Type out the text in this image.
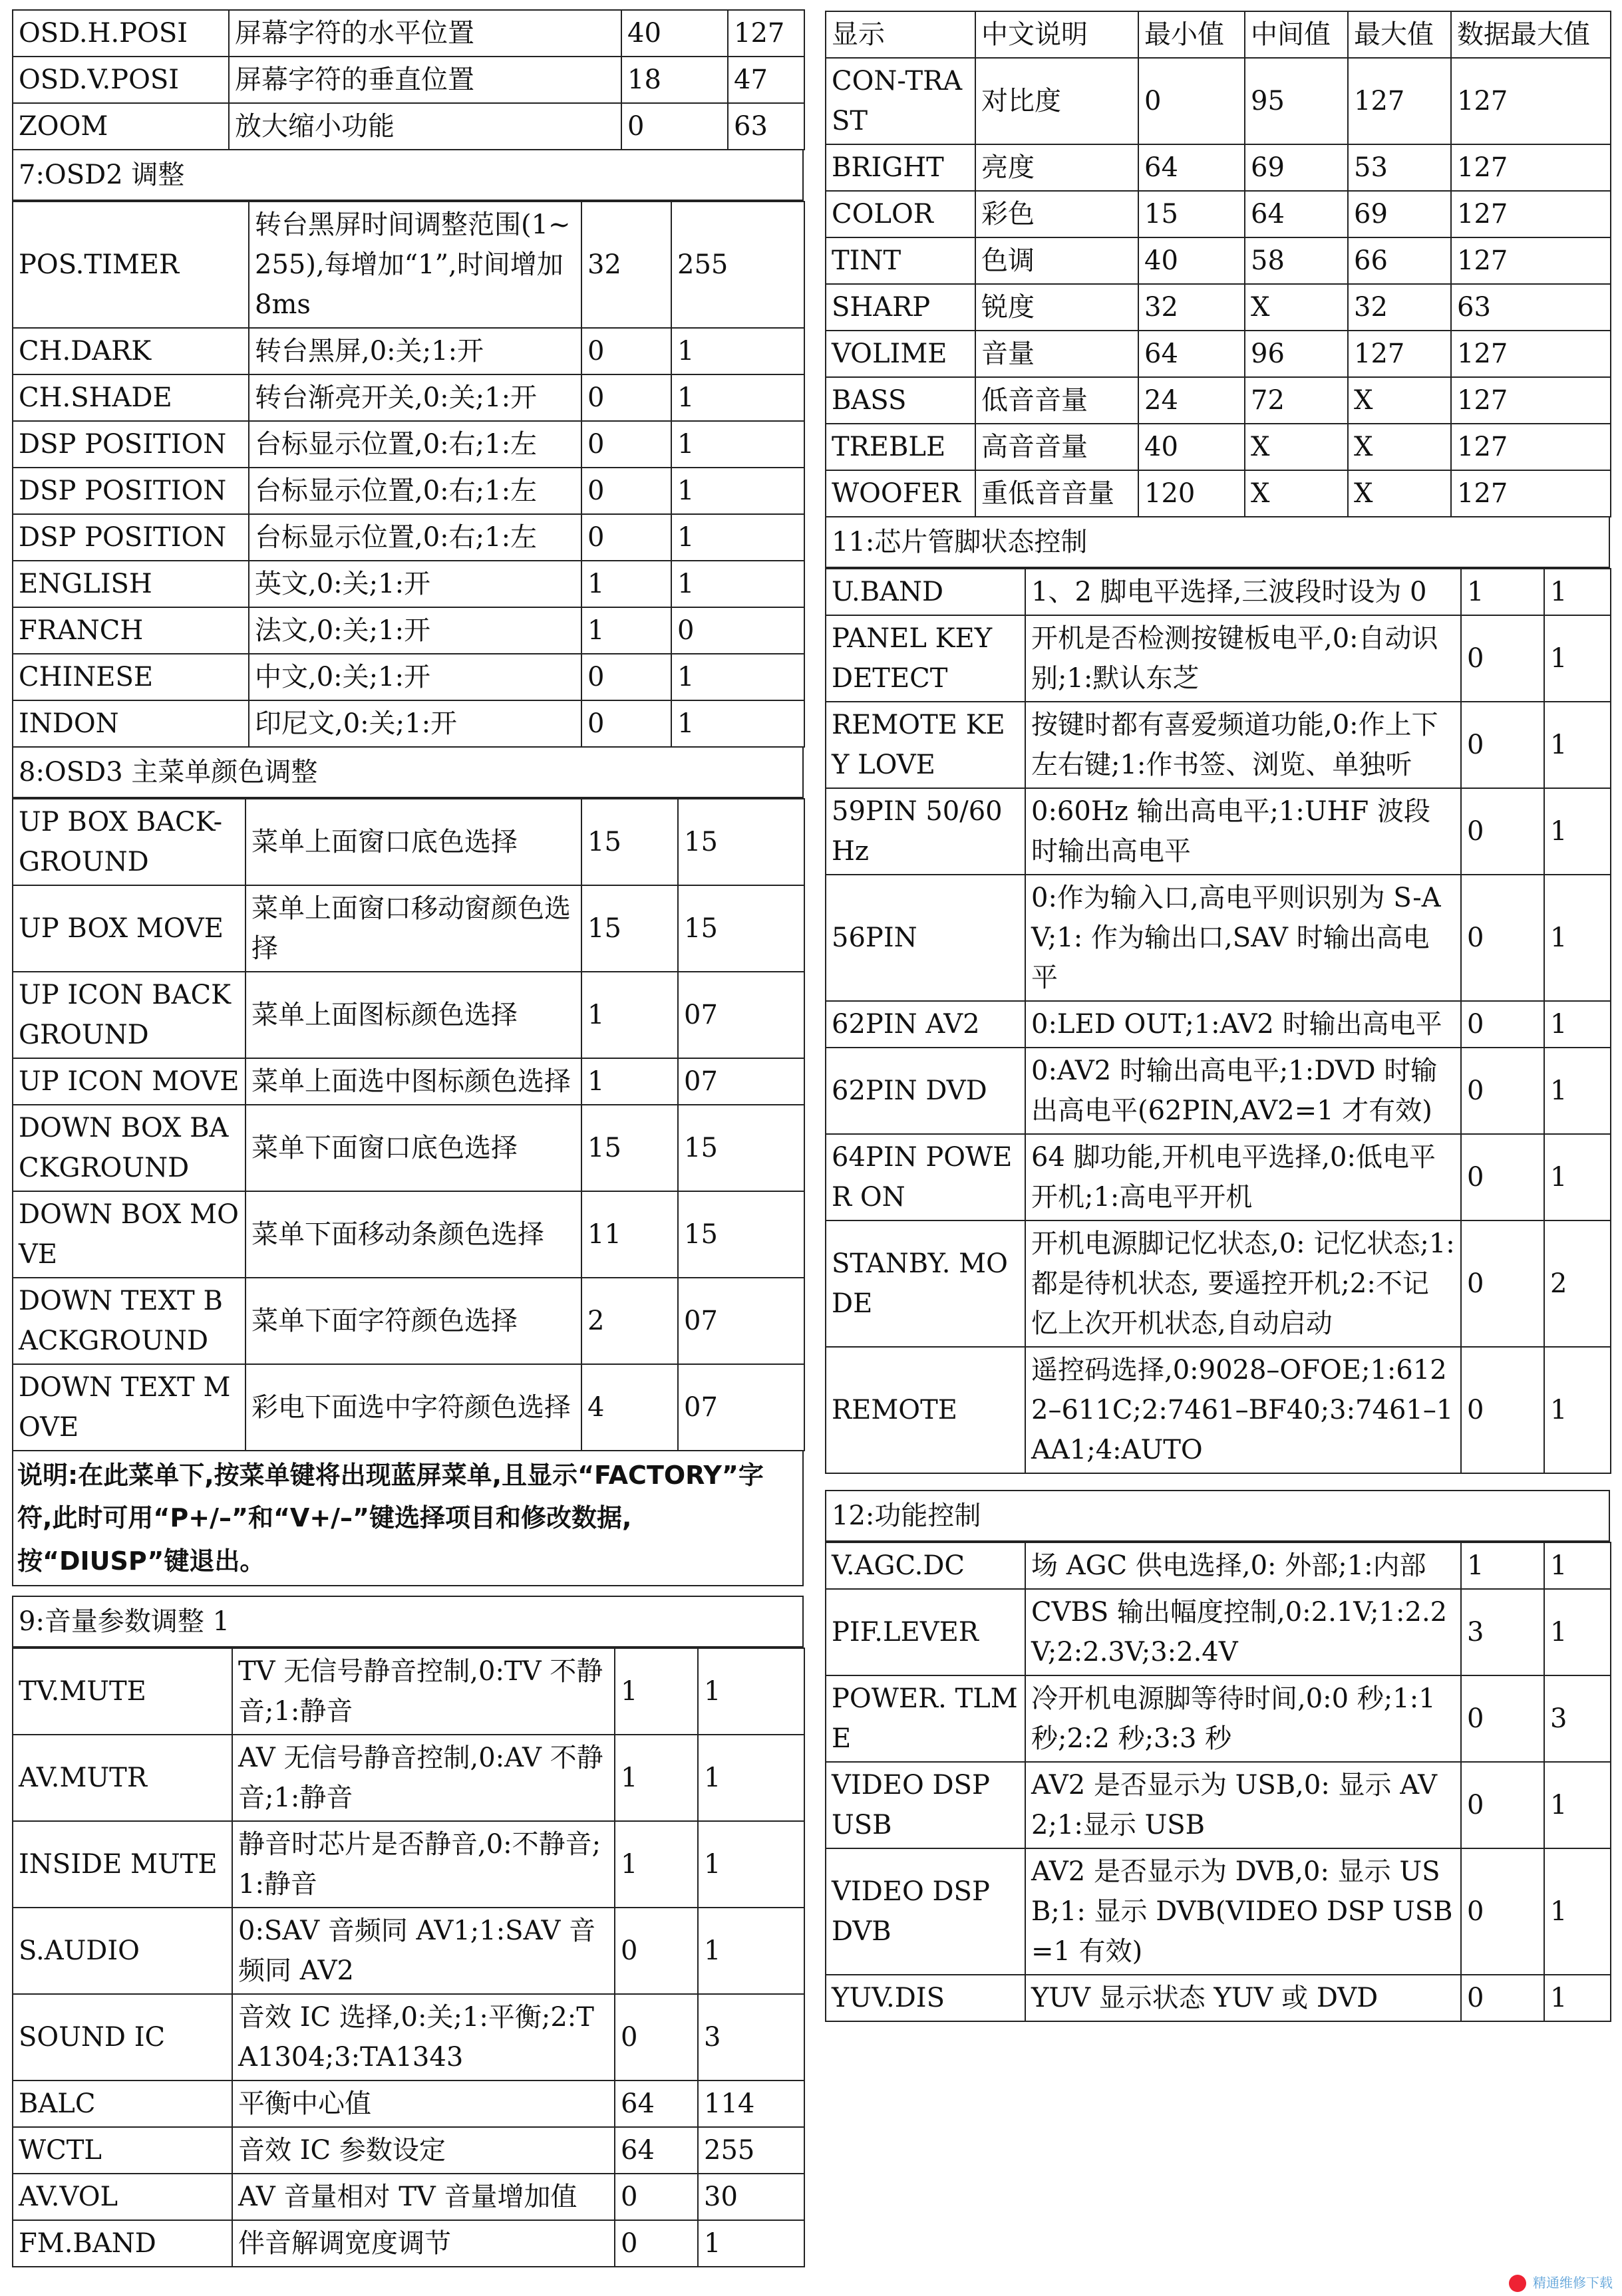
OSD.H.POSI	屏幕字符的水平位置	40	127
OSD.V.POSI	屏幕字符的垂直位置	18	47
ZOOM	放大缩小功能	0	63
7:OSD2 调整
POS.TIMER	转台黑屏时间调整范围(1~255),每增加“1”,时间增加 8ms	32	255
CH.DARK	转台黑屏,0:关;1:开	0	1
CH.SHADE	转台渐亮开关,0:关;1:开	0	1
DSP POSITION	台标显示位置,0:右;1:左	0	1
DSP POSITION	台标显示位置,0:右;1:左	0	1
DSP POSITION	台标显示位置,0:右;1:左	0	1
ENGLISH	英文,0:关;1:开	1	1
FRANCH	法文,0:关;1:开	1	0
CHINESE	中文,0:关;1:开	0	1
INDON	印尼文,0:关;1:开	0	1
8:OSD3 主菜单颜色调整
UP BOX BACK-GROUND	菜单上面窗口底色选择	15	15
UP BOX MOVE	菜单上面窗口移动窗颜色选择	15	15
UP ICON BACKGROUND	菜单上面图标颜色选择	1	07
UP ICON MOVE	菜单上面选中图标颜色选择	1	07
DOWN BOX BACKGROUND	菜单下面窗口底色选择	15	15
DOWN BOX MOVE	菜单下面移动条颜色选择	11	15
DOWN TEXT BACKGROUND	菜单下面字符颜色选择	2	07
DOWN TEXT MOVE	彩电下面选中字符颜色选择	4	07
说明:在此菜单下,按菜单键将出现蓝屏菜单,且显示“FACTORY”字符,此时可用“P+/–”和“V+/–”键选择项目和修改数据,按“DIUSP”键退出。
9:音量参数调整 1
TV.MUTE	TV 无信号静音控制,0:TV 不静音;1:静音	1	1
AV.MUTR	AV 无信号静音控制,0:AV 不静音;1:静音	1	1
INSIDE MUTE	静音时芯片是否静音,0:不静音;1:静音	1	1
S.AUDIO	0:SAV 音频同 AV1;1:SAV 音频同 AV2	0	1
SOUND IC	音效 IC 选择,0:关;1:平衡;2:TA1304;3:TA1343	0	3
BALC	平衡中心值	64	114
WCTL	音效 IC 参数设定	64	255
AV.VOL	AV 音量相对 TV 音量增加值	0	30
FM.BAND	伴音解调宽度调节	0	1
显示	中文说明	最小值	中间值	最大值	数据最大值
CON-TRAST	对比度	0	95	127	127
BRIGHT	亮度	64	69	53	127
COLOR	彩色	15	64	69	127
TINT	色调	40	58	66	127
SHARP	锐度	32	X	32	63
VOLIME	音量	64	96	127	127
BASS	低音音量	24	72	X	127
TREBLE	高音音量	40	X	X	127
WOOFER	重低音音量	120	X	X	127
11:芯片管脚状态控制
U.BAND	1、2 脚电平选择,三波段时设为 0	1	1
PANEL KEY DETECT	开机是否检测按键板电平,0:自动识别;1:默认东芝	0	1
REMOTE KEY LOVE	按键时都有喜爱频道功能,0:作上下左右键;1:作书签、浏览、单独听	0	1
59PIN 50/60Hz	0:60Hz 输出高电平;1:UHF 波段时输出高电平	0	1
56PIN	0:作为输入口,高电平则识别为 S-AV;1: 作为输出口,SAV 时输出高电平	0	1
62PIN AV2	0:LED OUT;1:AV2 时输出高电平	0	1
62PIN DVD	0:AV2 时输出高电平;1:DVD 时输出高电平(62PIN,AV2=1 才有效)	0	1
64PIN POWER ON	64 脚功能,开机电平选择,0:低电平开机;1:高电平开机	0	1
STANBY. MODE	开机电源脚记忆状态,0: 记忆状态;1: 都是待机状态, 要遥控开机;2:不记忆上次开机状态,自动启动	0	2
REMOTE	遥控码选择,0:9028–OFOE;1:6122–611C;2:7461–BF40;3:7461–1AA1;4:AUTO	0	1
12:功能控制
V.AGC.DC	场 AGC 供电选择,0: 外部;1:内部	1	1
PIF.LEVER	CVBS 输出幅度控制,0:2.1V;1:2.2V;2:2.3V;3:2.4V	3	1
POWER. TLME	冷开机电源脚等待时间,0:0 秒;1:1 秒;2:2 秒;3:3 秒	0	3
VIDEO DSP USB	AV2 是否显示为 USB,0: 显示 AV2;1:显示 USB	0	1
VIDEO DSP DVB	AV2 是否显示为 DVB,0: 显示 USB;1: 显示 DVB(VIDEO DSP USB=1 有效)	0	1
YUV.DIS	YUV 显示状态 YUV 或 DVD	0	1
精通维修下载
